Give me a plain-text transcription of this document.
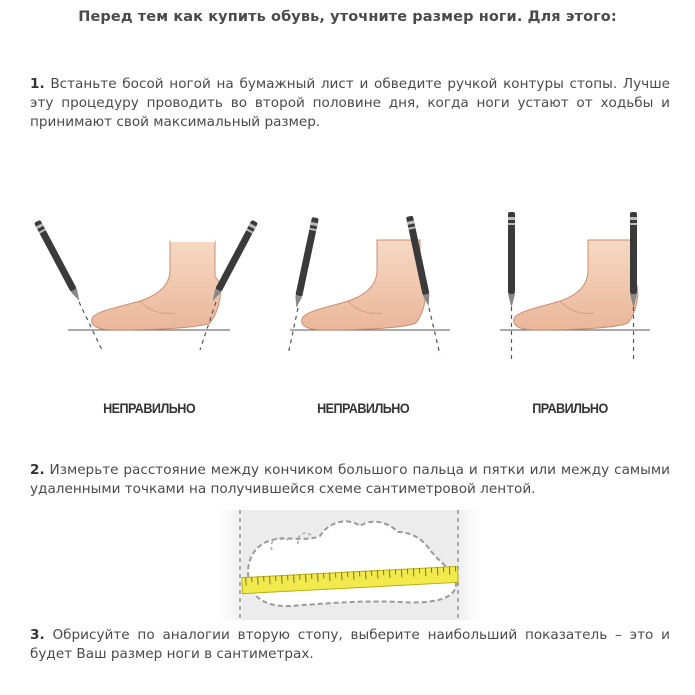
Перед тем как купить обувь, уточните размер ноги. Для этого:
1. Встаньте босой ногой на бумажный лист и обведите ручкой контуры стопы. Лучше эту процедуру проводить во второй половине дня, когда ноги устают от ходьбы и принимают свой максимальный размер.
НЕПРАВИЛЬНО	НЕПРАВИЛЬНО	ПРАВИЛЬНО
2. Измерьте расстояние между кончиком большого пальца и пятки или между самыми удаленными точками на получившейся схеме сантиметровой лентой.
3. Обрисуйте по аналогии вторую стопу, выберите наибольший показатель – это и будет Ваш размер ноги в сантиметрах.
